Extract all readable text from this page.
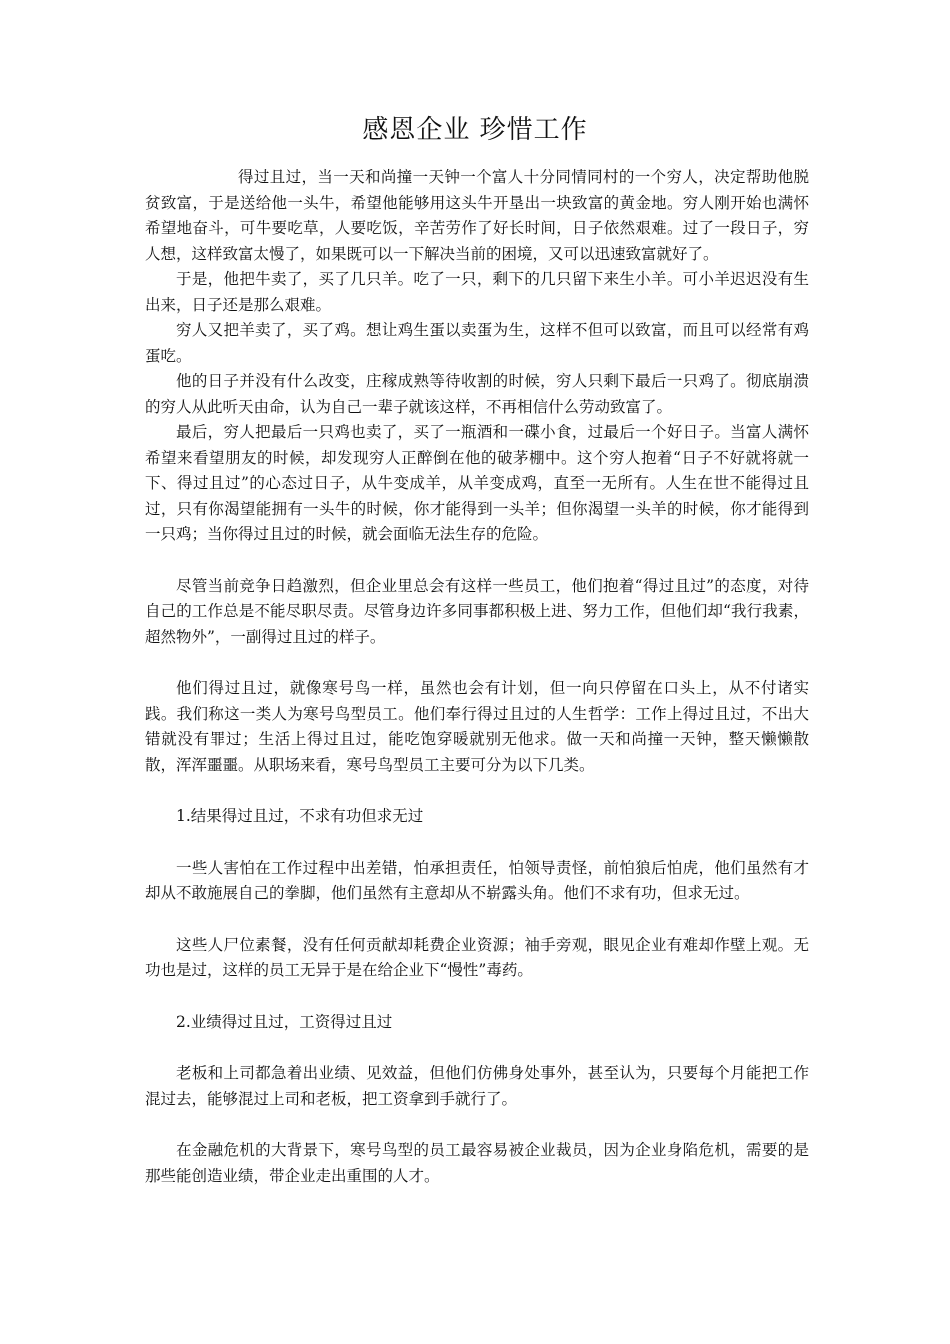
感恩企业 珍惜工作

得过且过，当一天和尚撞一天钟一个富人十分同情同村的一个穷人，决定帮助他脱贫致富，于是送给他一头牛，希望他能够用这头牛开垦出一块致富的黄金地。穷人刚开始也满怀希望地奋斗，可牛要吃草，人要吃饭，辛苦劳作了好长时间，日子依然艰难。过了一段日子，穷人想，这样致富太慢了，如果既可以一下解决当前的困境，又可以迅速致富就好了。

于是，他把牛卖了，买了几只羊。吃了一只，剩下的几只留下来生小羊。可小羊迟迟没有生出来，日子还是那么艰难。

穷人又把羊卖了，买了鸡。想让鸡生蛋以卖蛋为生，这样不但可以致富，而且可以经常有鸡蛋吃。

他的日子并没有什么改变，庄稼成熟等待收割的时候，穷人只剩下最后一只鸡了。彻底崩溃的穷人从此听天由命，认为自己一辈子就该这样，不再相信什么劳动致富了。

最后，穷人把最后一只鸡也卖了，买了一瓶酒和一碟小食，过最后一个好日子。当富人满怀希望来看望朋友的时候，却发现穷人正醉倒在他的破茅棚中。这个穷人抱着“日子不好就将就一下、得过且过”的心态过日子，从牛变成羊，从羊变成鸡，直至一无所有。人生在世不能得过且过，只有你渴望能拥有一头牛的时候，你才能得到一头羊；但你渴望一头羊的时候，你才能得到一只鸡；当你得过且过的时候，就会面临无法生存的危险。

尽管当前竞争日趋激烈，但企业里总会有这样一些员工，他们抱着“得过且过”的态度，对待自己的工作总是不能尽职尽责。尽管身边许多同事都积极上进、努力工作，但他们却“我行我素，超然物外”，一副得过且过的样子。

他们得过且过，就像寒号鸟一样，虽然也会有计划，但一向只停留在口头上，从不付诸实践。我们称这一类人为寒号鸟型员工。他们奉行得过且过的人生哲学：工作上得过且过，不出大错就没有罪过；生活上得过且过，能吃饱穿暖就别无他求。做一天和尚撞一天钟，整天懒懒散散，浑浑噩噩。从职场来看，寒号鸟型员工主要可分为以下几类。

1.结果得过且过，不求有功但求无过

一些人害怕在工作过程中出差错，怕承担责任，怕领导责怪，前怕狼后怕虎，他们虽然有才却从不敢施展自己的拳脚，他们虽然有主意却从不崭露头角。他们不求有功，但求无过。

这些人尸位素餐，没有任何贡献却耗费企业资源；袖手旁观，眼见企业有难却作壁上观。无功也是过，这样的员工无异于是在给企业下“慢性”毒药。

2.业绩得过且过，工资得过且过

老板和上司都急着出业绩、见效益，但他们仿佛身处事外，甚至认为，只要每个月能把工作混过去，能够混过上司和老板，把工资拿到手就行了。

在金融危机的大背景下，寒号鸟型的员工最容易被企业裁员，因为企业身陷危机，需要的是那些能创造业绩，带企业走出重围的人才。
